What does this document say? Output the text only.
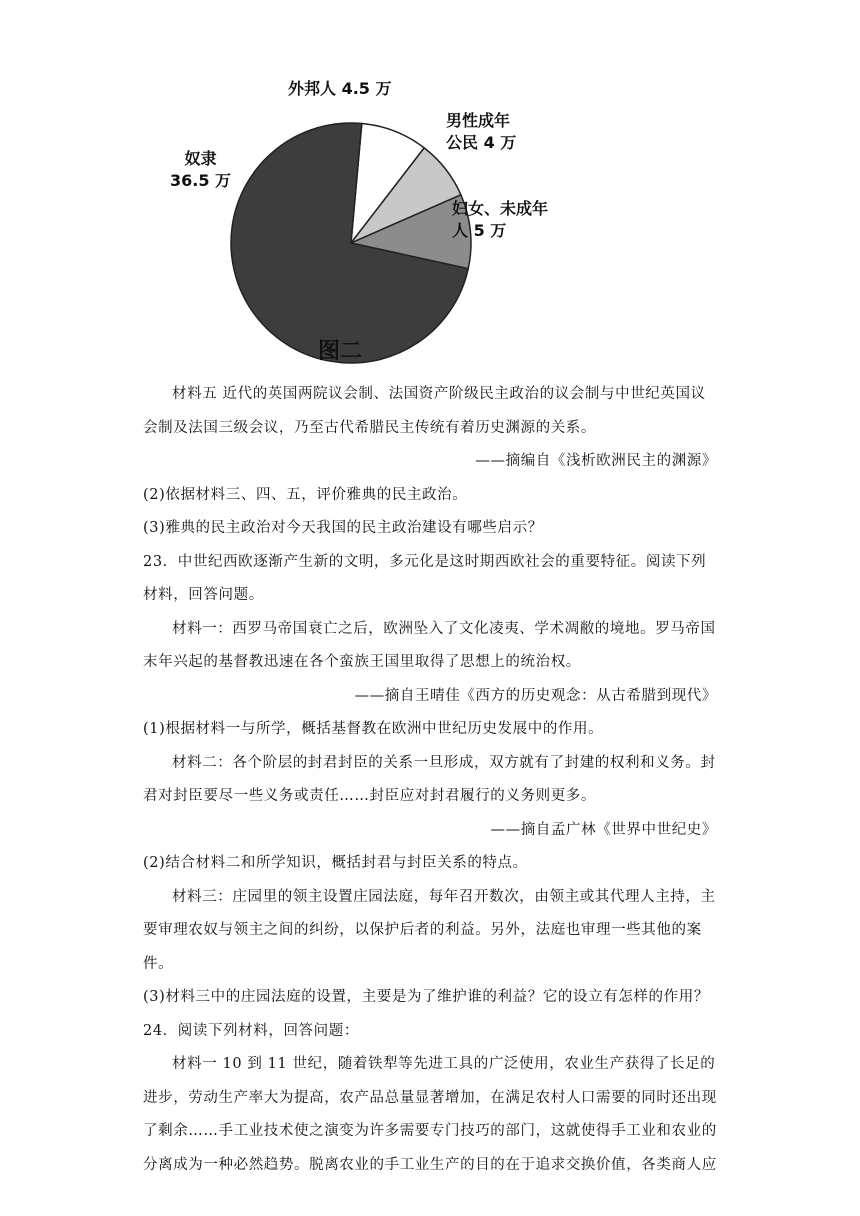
外邦人 4.5 万
男性成年
公民 4 万
妇女、未成年
人 5 万
奴隶
36.5 万
图二

材料五 近代的英国两院议会制、法国资产阶级民主政治的议会制与中世纪英国议会制及法国三级会议，乃至古代希腊民主传统有着历史渊源的关系。

——摘编自《浅析欧洲民主的渊源》

(2)依据材料三、四、五，评价雅典的民主政治。

(3)雅典的民主政治对今天我国的民主政治建设有哪些启示？

23．中世纪西欧逐渐产生新的文明，多元化是这时期西欧社会的重要特征。阅读下列材料，回答问题。

材料一：西罗马帝国衰亡之后，欧洲坠入了文化凌夷、学术凋敝的境地。罗马帝国末年兴起的基督教迅速在各个蛮族王国里取得了思想上的统治权。

——摘自王晴佳《西方的历史观念：从古希腊到现代》

(1)根据材料一与所学，概括基督教在欧洲中世纪历史发展中的作用。

材料二：各个阶层的封君封臣的关系一旦形成，双方就有了封建的权利和义务。封君对封臣要尽一些义务或责任……封臣应对封君履行的义务则更多。

——摘自孟广林《世界中世纪史》

(2)结合材料二和所学知识，概括封君与封臣关系的特点。

材料三：庄园里的领主设置庄园法庭，每年召开数次，由领主或其代理人主持，主要审理农奴与领主之间的纠纷，以保护后者的利益。另外，法庭也审理一些其他的案件。

(3)材料三中的庄园法庭的设置，主要是为了维护谁的利益？它的设立有怎样的作用？

24．阅读下列材料，回答问题：

材料一 10 到 11 世纪，随着铁犁等先进工具的广泛使用，农业生产获得了长足的进步，劳动生产率大为提高，农产品总量显著增加，在满足农村人口需要的同时还出现了剩余……手工业技术使之演变为许多需要专门技巧的部门，这就使得手工业和农业的分离成为一种必然趋势。脱离农业的手工业生产的目的在于追求交换价值，各类商人应
